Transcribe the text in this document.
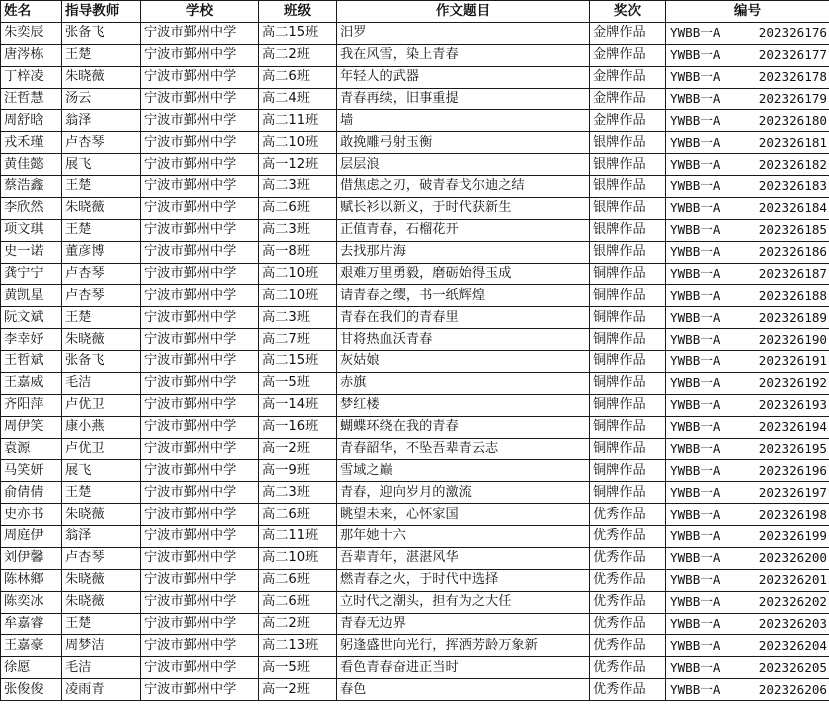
姓名	指导教师	学校	班级	作文题目	奖次	编号
朱奕辰	张备飞	宁波市鄞州中学	高二15班	汨罗	金牌作品	YWBB一A 202326176

唐涔栋	王楚	宁波市鄞州中学	高二2班	我在风雪，染上青春	金牌作品	YWBB一A 202326177

丁梓凌	朱晓薇	宁波市鄞州中学	高二6班	年轻人的武器	金牌作品	YWBB一A 202326178

汪哲慧	汤云	宁波市鄞州中学	高二4班	青春再续，旧事重提	金牌作品	YWBB一A 202326179

周舒晗	翁泽	宁波市鄞州中学	高二11班	墙	金牌作品	YWBB一A 202326180

戎禾瑾	卢杏琴	宁波市鄞州中学	高二10班	敢挽雕弓射玉衡	银牌作品	YWBB一A 202326181

黄佳懿	展飞	宁波市鄞州中学	高一12班	层层浪	银牌作品	YWBB一A 202326182

蔡浩鑫	王楚	宁波市鄞州中学	高二3班	借焦虑之刃，破青春戈尔迪之结	银牌作品	YWBB一A 202326183

李欣然	朱晓薇	宁波市鄞州中学	高二6班	赋长衫以新义，于时代获新生	银牌作品	YWBB一A 202326184

项文琪	王楚	宁波市鄞州中学	高二3班	正值青春，石榴花开	银牌作品	YWBB一A 202326185

史一诺	董彦博	宁波市鄞州中学	高一8班	去找那片海	银牌作品	YWBB一A 202326186

龚宁宁	卢杏琴	宁波市鄞州中学	高二10班	艰难万里勇毅，磨砺始得玉成	铜牌作品	YWBB一A 202326187

黄凯星	卢杏琴	宁波市鄞州中学	高二10班	请青春之缨，书一纸辉煌	铜牌作品	YWBB一A 202326188

阮文斌	王楚	宁波市鄞州中学	高二3班	青春在我们的青春里	铜牌作品	YWBB一A 202326189

李幸妤	朱晓薇	宁波市鄞州中学	高二7班	甘将热血沃青春	铜牌作品	YWBB一A 202326190

王哲斌	张备飞	宁波市鄞州中学	高二15班	灰姑娘	铜牌作品	YWBB一A 202326191

王嘉威	毛洁	宁波市鄞州中学	高一5班	赤旗	铜牌作品	YWBB一A 202326192

齐阳萍	卢优卫	宁波市鄞州中学	高一14班	梦红楼	铜牌作品	YWBB一A 202326193

周伊笑	康小燕	宁波市鄞州中学	高一16班	蝴蝶环绕在我的青春	铜牌作品	YWBB一A 202326194

袁源	卢优卫	宁波市鄞州中学	高一2班	青春韶华，不坠吾辈青云志	铜牌作品	YWBB一A 202326195

马笑妍	展飞	宁波市鄞州中学	高一9班	雪域之巅	铜牌作品	YWBB一A 202326196

俞倩倩	王楚	宁波市鄞州中学	高二3班	青春，迎向岁月的激流	铜牌作品	YWBB一A 202326197

史亦书	朱晓薇	宁波市鄞州中学	高二6班	眺望未来，心怀家国	优秀作品	YWBB一A 202326198

周庭伊	翁泽	宁波市鄞州中学	高二11班	那年她十六	优秀作品	YWBB一A 202326199

刘伊馨	卢杏琴	宁波市鄞州中学	高二10班	吾辈青年，湛湛风华	优秀作品	YWBB一A 202326200

陈林鄉	朱晓薇	宁波市鄞州中学	高二6班	燃青春之火，于时代中选择	优秀作品	YWBB一A 202326201

陈奕冰	朱晓薇	宁波市鄞州中学	高二6班	立时代之潮头，担有为之大任	优秀作品	YWBB一A 202326202

牟嘉睿	王楚	宁波市鄞州中学	高二2班	青春无边界	优秀作品	YWBB一A 202326203

王嘉豪	周梦洁	宁波市鄞州中学	高二13班	躬逢盛世向光行，挥洒芳龄万象新	优秀作品	YWBB一A 202326204

徐愿	毛洁	宁波市鄞州中学	高一5班	看色青春奋进正当时	优秀作品	YWBB一A 202326205

张俊俊	凌雨青	宁波市鄞州中学	高一2班	春色	优秀作品	YWBB一A 202326206
